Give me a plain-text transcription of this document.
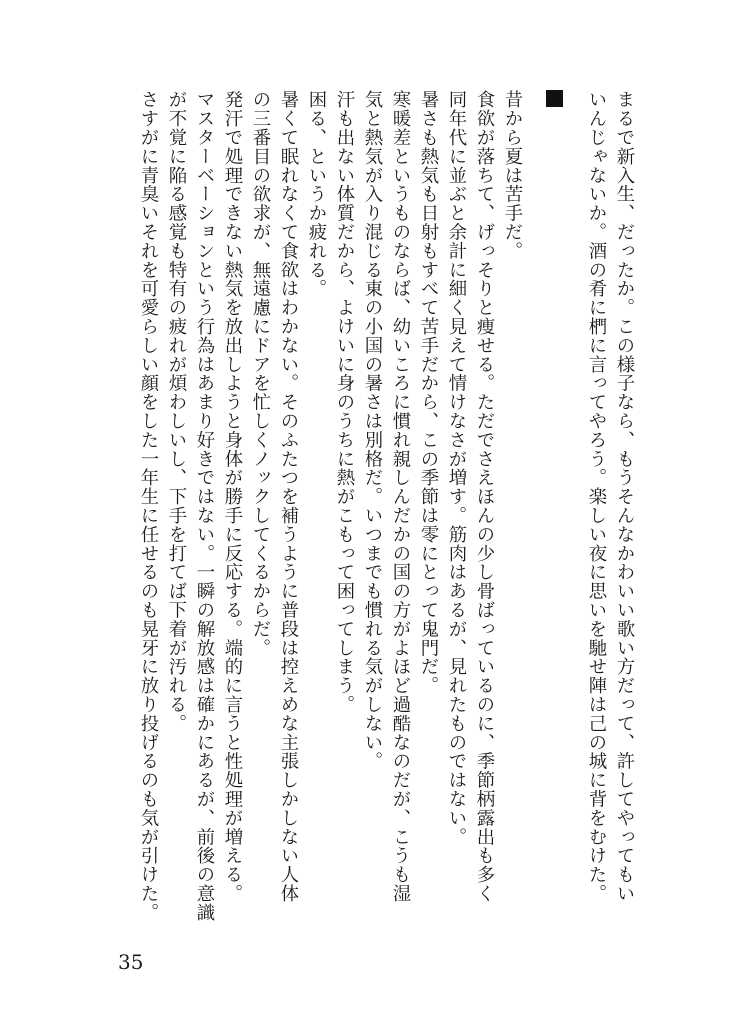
まるで新入生、だったか。この様子なら、もうそんなかわいい歌い方だって、許してやってもい
いんじゃないか。酒の肴に椚に言ってやろう。楽しい夜に思いを馳せ陣は己の城に背をむけた。
昔から夏は苦手だ。
食欲が落ちて、げっそりと痩せる。ただでさえほんの少し骨ばっているのに、季節柄露出も多く
同年代に並ぶと余計に細く見えて情けなさが増す。筋肉はあるが、見れたものではない。
暑さも熱気も日射もすべて苦手だから、この季節は零にとって鬼門だ。
寒暖差というものならば、幼いころに慣れ親しんだかの国の方がよほど過酷なのだが、こうも湿
気と熱気が入り混じる東の小国の暑さは別格だ。いつまでも慣れる気がしない。
汗も出ない体質だから、よけいに身のうちに熱がこもって困ってしまう。
困る、というか疲れる。
暑くて眠れなくて食欲はわかない。そのふたつを補うように普段は控えめな主張しかしない人体
の三番目の欲求が、無遠慮にドアを忙しくノックしてくるからだ。
発汗で処理できない熱気を放出しようと身体が勝手に反応する。端的に言うと性処理が増える。
マスターベーションという行為はあまり好きではない。一瞬の解放感は確かにあるが、前後の意識
が不覚に陥る感覚も特有の疲れが煩わしいし、下手を打てば下着が汚れる。
さすがに青臭いそれを可愛らしい顔をした一年生に任せるのも晃牙に放り投げるのも気が引けた。
35
